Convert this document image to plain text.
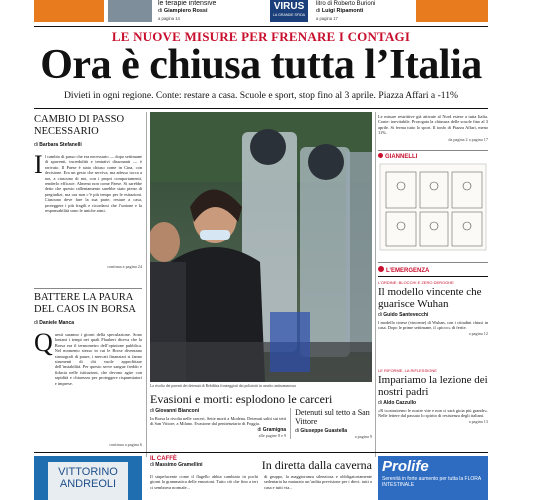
le terapie intensive
di Giampiero Rossi
a pagina 14
VIRUS
LA GRANDE SFIDA
litro di Roberto Burioni
di Luigi Ripamonti
a pagina 17
LE NUOVE MISURE PER FRENARE I CONTAGI
Ora è chiusa tutta l’Italia
Divieti in ogni regione. Conte: restare a casa. Scuole e sport, stop fino al 3 aprile. Piazza Affari a -11%
CAMBIO DI PASSO NECESSARIO
di Barbara Stefanelli
I l cambio di passo che era necessario — dopo settimane di spaventi, incredulità e tentativi dissonanti — è arrivato. Il Paese è stato chiuso come in Cina, con decisione. Era un gesto che serviva, ma adesso tocca a noi, a ciascuno di noi, con i propri comportamenti, renderlo efficace. Almeno non come Paese. Si sarebbe detto che questo rallentamento sarebbe stato pieno di pregiudizi, ma ora non c’è più tempo per le esitazioni. Ciascuno deve fare la sua parte, restare a casa, proteggere i più fragili e ricordarsi che l’unione e la responsabilità sono le uniche armi.
continua a pagina 24
BATTERE LA PAURA DEL CAOS IN BORSA
di Daniele Manca
Q uesti saranno i giorni della speculazione. Sono lontani i tempi nei quali Flaubert diceva che la Borsa era il termometro dell’opinione pubblica. Nel momento stesso in cui le Borse diventano sismografi di paure, i mercati finanziari si fanno strumenti di chi vuole approfittare dell’instabilità. Per questo serve sangue freddo e fiducia nelle istituzioni, che devono agire con rapidità e chiarezza per proteggere risparmiatori e imprese.
continua a pagina 6
La rivolta dei parenti dei detenuti di Rebibbia fronteggiati dai poliziotti in assetto antisommossa
Evasioni e morti: esplodono le carceri
di Giovanni Bianconi
In Borsa la rivolta nelle carceri. Sette morti a Modena. Detenuti saliti sui tetti di San Vittore, a Milano. Evasione dal penitenziario di Foggia.
di Gramigna
alle pagine 8 e 9
Detenuti sul tetto a San Vittore
di Giuseppe Guastella
a pagina 9
Le misure restrittive già attivate al Nord estese a tutta Italia. Conte: inevitabile. Prorogata la chiusura delle scuole fino al 3 aprile. Si ferma tutto lo sport. Il tonfo di Piazza Affari, meno 11%.
da pagina 2 a pagina 17
GIANNELLI
L’EMERGENZA
L’ORDINE: BLOCCHI E ZERO DEROGHE
Il modello vincente che guarisce Wuhan
di Guido Santevecchi
l modello cinese (vincente) di Wuhan, con i cittadini chiusi in casa. Dopo le prime settimane, il «picco» di ferite.
a pagina 12
LE RIFORME, LA RIFLESSIONE
Impariamo la lezione dei nostri padri
di Aldo Cazzullo
«R icostruiremo le nostre vite e non ci sarà gioia più grande». Nelle lettere dal passato lo spirito di resistenza degli italiani.
a pagina 13
VITTORINO ANDREOLI
IL CAFFÈ
di Massimo Gramellini	In diretta dalla caverna
Il stupefacente come il flagello abbia cambiato in pochi giorni la grammatica delle emozioni. Tutto ciò che fino a ieri ci sembrava normale...
di gruppo, la maggioranza silenziosa e obbligatoriamente sedentaria ha maturato un’ardita previsione per i dieci: tutti a casa e tutti via...
Prolife
Serenità in forte aumento per tutta la FLORA INTESTINALE
